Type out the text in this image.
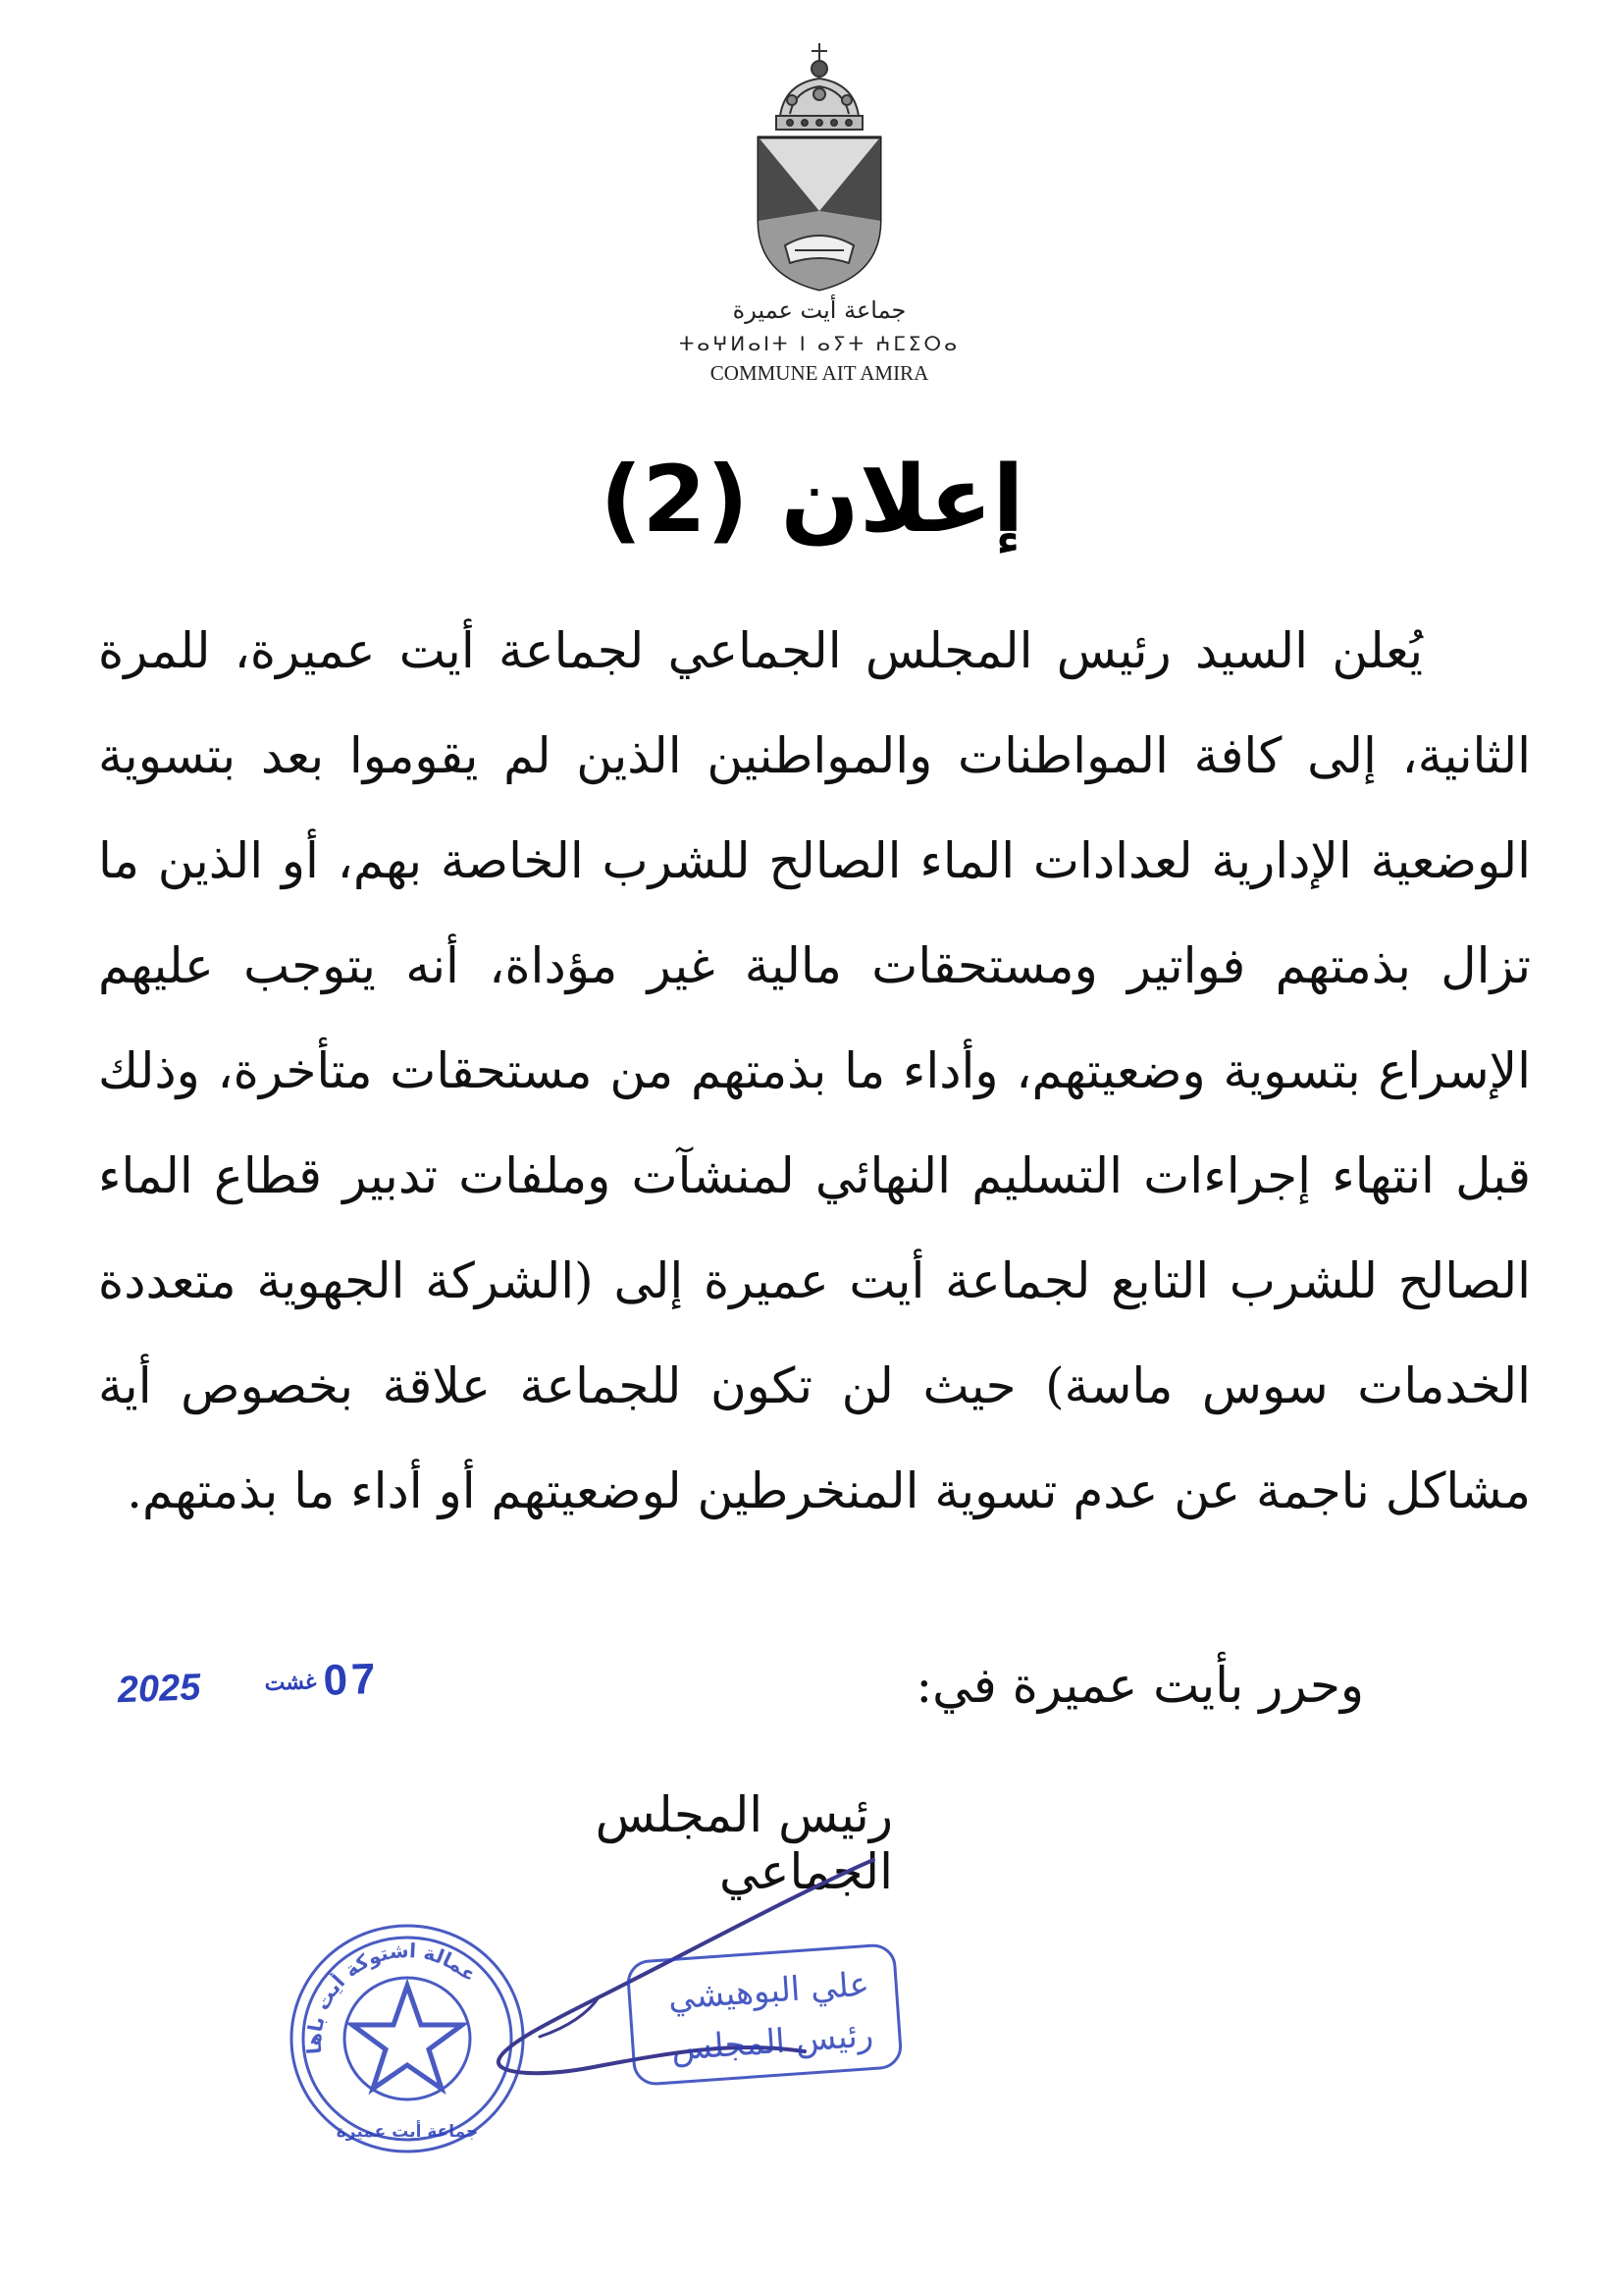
جماعة أيت عميرة
ⵜⴰⵖⵍⴰⵏⵜ ⵏ ⴰⵢⵜ ⵄⵎⵉⵔⴰ
COMMUNE AIT AMIRA
إعلان (2)

يُعلن السيد رئيس المجلس الجماعي لجماعة أيت عميرة، للمرة الثانية، إلى كافة المواطنات والمواطنين الذين لم يقوموا بعد بتسوية الوضعية الإدارية لعدادات الماء الصالح للشرب الخاصة بهم، أو الذين ما تزال بذمتهم فواتير ومستحقات مالية غير مؤداة، أنه يتوجب عليهم الإسراع بتسوية وضعيتهم، وأداء ما بذمتهم من مستحقات متأخرة، وذلك قبل انتهاء إجراءات التسليم النهائي لمنشآت وملفات تدبير قطاع الماء الصالح للشرب التابع لجماعة أيت عميرة إلى (الشركة الجهوية متعددة الخدمات سوس ماسة) حيث لن تكون للجماعة علاقة بخصوص أية مشاكل ناجمة عن عدم تسوية المنخرطين لوضعيتهم أو أداء ما بذمتهم.

وحرر بأيت عميرة في:
07
غشت
2025
رئيس المجلس الجماعي
عمالة اشتوكة أيت باها
جماعة أيت عميرة
علي البوهيشي
رئيس المجلس
